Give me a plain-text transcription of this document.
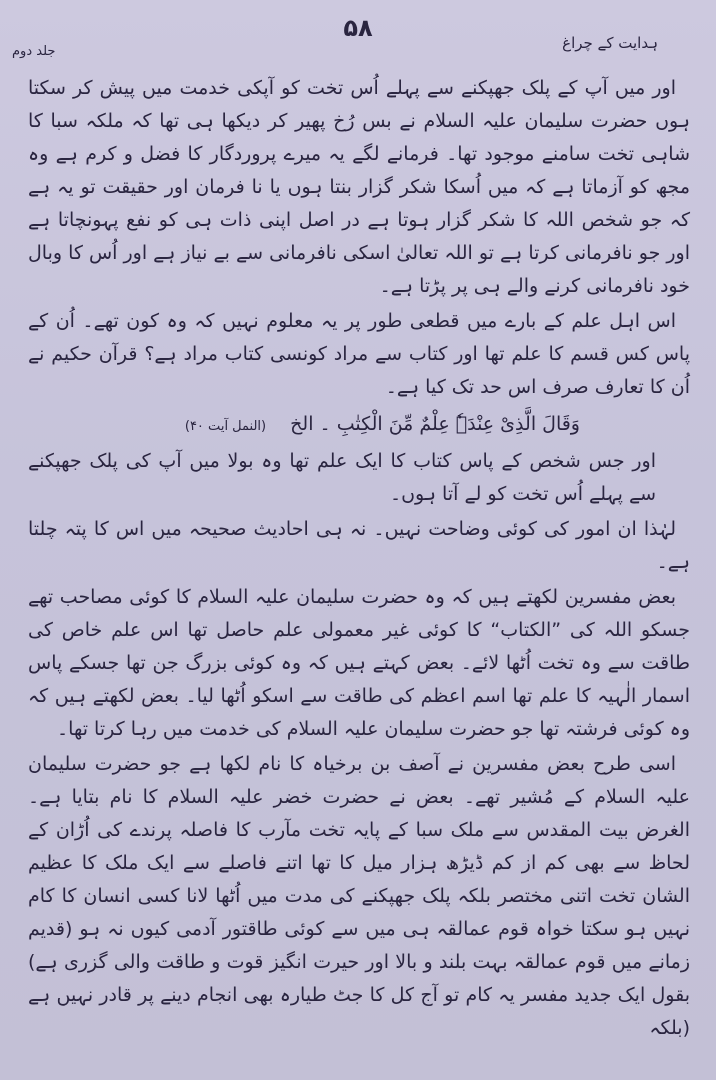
۵۸
ہدایت کے چراغ
جلد دوم

اور میں آپ کے پلک جھپکنے سے پہلے اُس تخت کو آپکی خدمت میں پیش کر سکتا ہوں حضرت سلیمان علیہ السلام نے بس رُخ پھیر کر دیکھا ہی تھا کہ ملکہ سبا کا شاہی تخت سامنے موجود تھا۔ فرمانے لگے یہ میرے پروردگار کا فضل و کرم ہے وہ مجھ کو آزماتا ہے کہ میں اُسکا شکر گزار بنتا ہوں یا نا فرمان اور حقیقت تو یہ ہے کہ جو شخص اللہ کا شکر گزار ہوتا ہے در اصل اپنی ذات ہی کو نفع پہونچاتا ہے اور جو نافرمانی کرتا ہے تو اللہ تعالیٰ اسکی نافرمانی سے بے نیاز ہے اور اُس کا وبال خود نافرمانی کرنے والے ہی پر پڑتا ہے۔

اس اہل علم کے بارے میں قطعی طور پر یہ معلوم نہیں کہ وہ کون تھے۔ اُن کے پاس کس قسم کا علم تھا اور کتاب سے مراد کونسی کتاب مراد ہے؟ قرآن حکیم نے اُن کا تعارف صرف اس حد تک کیا ہے۔

وَقَالَ الَّذِیْ عِنْدَہٗ عِلْمٌ مِّنَ الْکِتٰبِ ۔ الخ (النمل آیت ۴۰)

اور جس شخص کے پاس کتاب کا ایک علم تھا وہ بولا میں آپ کی پلک جھپکنے سے پہلے اُس تخت کو لے آتا ہوں۔

لہٰذا ان امور کی کوئی وضاحت نہیں۔ نہ ہی احادیث صحیحہ میں اس کا پتہ چلتا ہے۔

بعض مفسرین لکھتے ہیں کہ وہ حضرت سلیمان علیہ السلام کا کوئی مصاحب تھے جسکو اللہ کی ”الکتاب“ کا کوئی غیر معمولی علم حاصل تھا اس علم خاص کی طاقت سے وہ تخت اُٹھا لائے۔ بعض کہتے ہیں کہ وہ کوئی بزرگ جن تھا جسکے پاس اسمار الٰہیہ کا علم تھا اسم اعظم کی طاقت سے اسکو اُٹھا لیا۔ بعض لکھتے ہیں کہ وہ کوئی فرشتہ تھا جو حضرت سلیمان علیہ السلام کی خدمت میں رہا کرتا تھا۔

اسی طرح بعض مفسرین نے آصف بن برخیاہ کا نام لکھا ہے جو حضرت سلیمان علیہ السلام کے مُشیر تھے۔ بعض نے حضرت خضر علیہ السلام کا نام بتایا ہے۔ الغرض بیت المقدس سے ملک سبا کے پایہ تخت مآرب کا فاصلہ پرندے کی اُڑان کے لحاظ سے بھی کم از کم ڈیڑھ ہزار میل کا تھا اتنے فاصلے سے ایک ملک کا عظیم الشان تخت اتنی مختصر بلکہ پلک جھپکنے کی مدت میں اُٹھا لانا کسی انسان کا کام نہیں ہو سکتا خواہ قوم عمالقہ ہی میں سے کوئی طاقتور آدمی کیوں نہ ہو (قدیم زمانے میں قوم عمالقہ بہت بلند و بالا اور حیرت انگیز قوت و طاقت والی گزری ہے) بقول ایک جدید مفسر یہ کام تو آج کل کا جٹ طیارہ بھی انجام دینے پر قادر نہیں ہے (بلکہ
